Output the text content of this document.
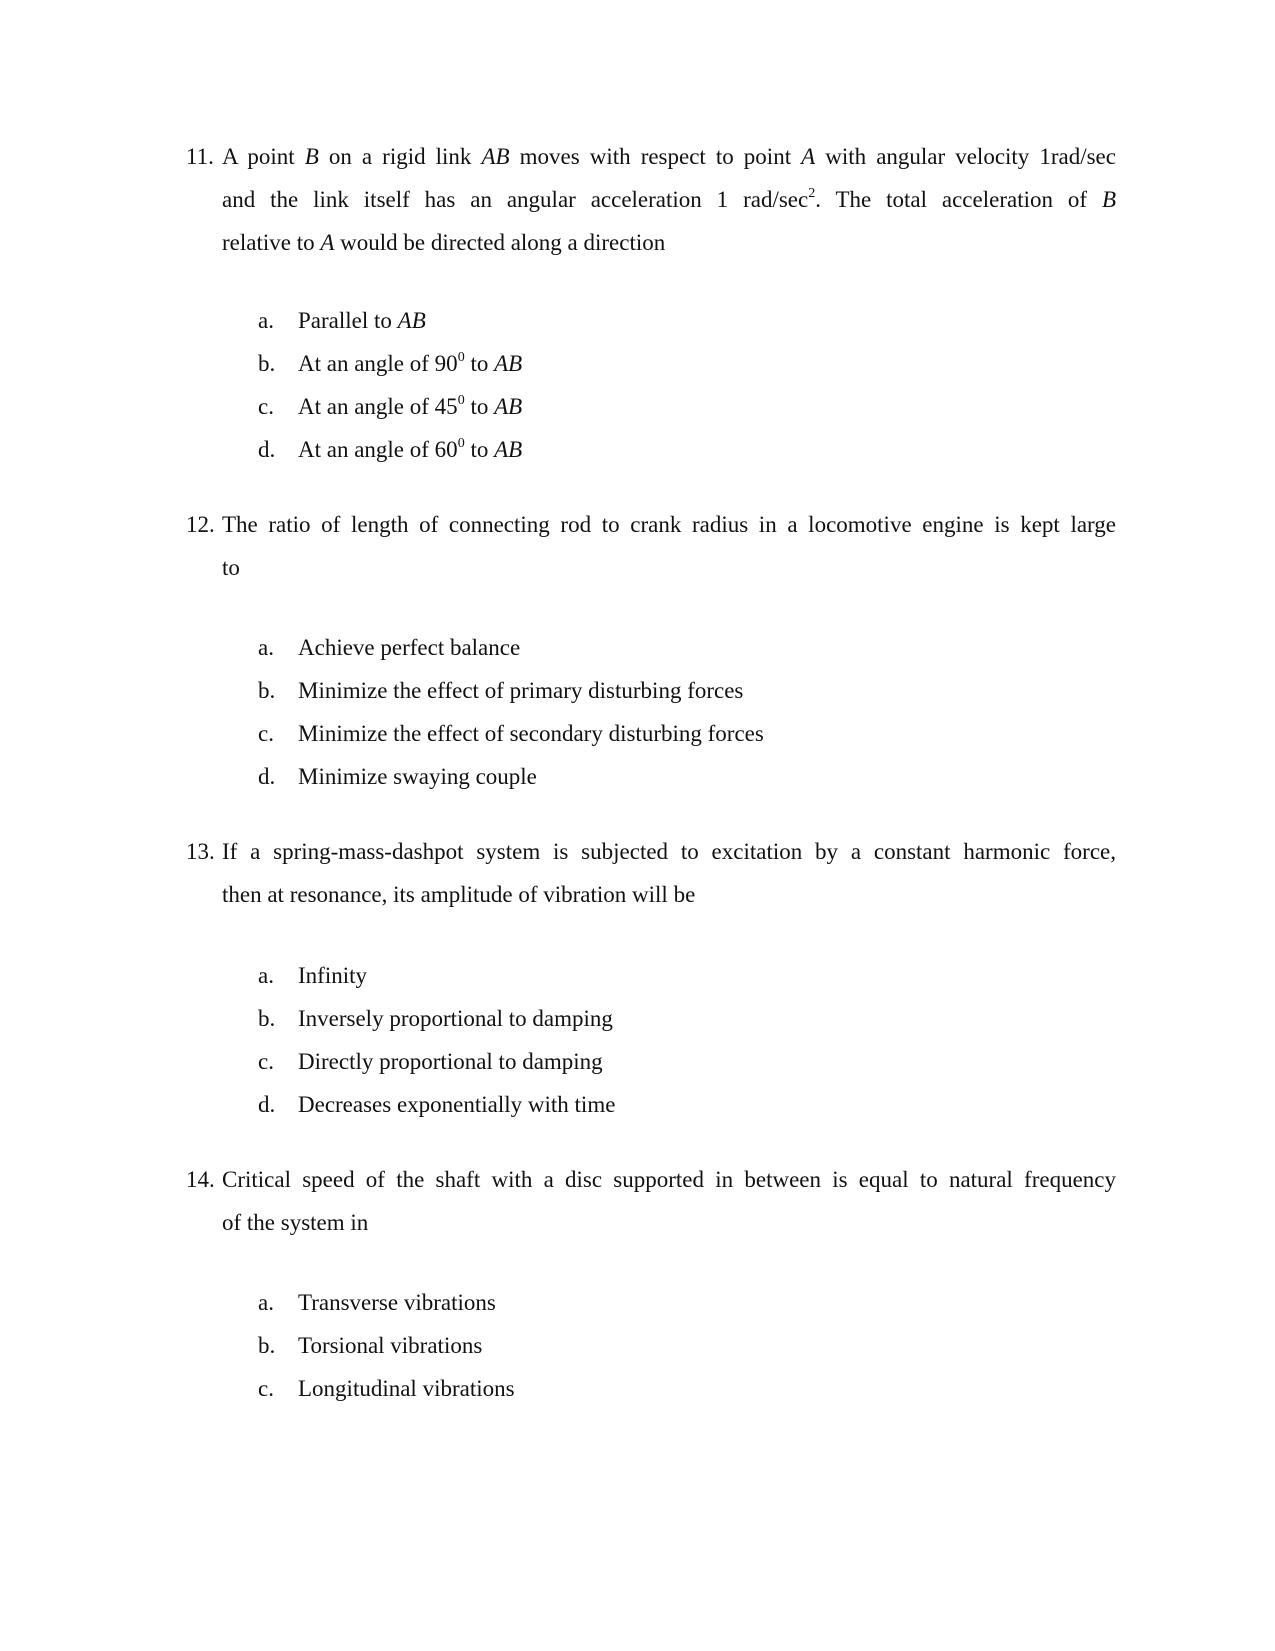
11. A point B on a rigid link AB moves with respect to point A with angular velocity 1rad/sec
and the link itself has an angular acceleration 1 rad/$\sec^2$. The total acceleration of B
relative to A would be directed along a direction
a.	Parallel to AB
b. At an angle of $90^0$ to AB
c.	At an angle of $45^0$ to AB
d. At an angle of $60^0$ to AB
12. The ratio of length of connecting rod to crank radius in a locomotive engine is kept large
to
a.	Achieve perfect balance
b. Minimize the effect of primary disturbing forces
c.	Minimize the effect of secondary disturbing forces
d. Minimize swaying couple
13. If a spring-mass-dashpot system is subjected to excitation by a constant harmonic force,
then at resonance, its amplitude of vibration will be
a.	Infinity
b. Inversely proportional to damping
c.	Directly proportional to damping
d. Decreases exponentially with time
14. Critical speed of the shaft with a disc supported in between is equal to natural frequency
of the system in
a.	Transverse vibrations
b. Torsional vibrations
c.	Longitudinal vibrations
